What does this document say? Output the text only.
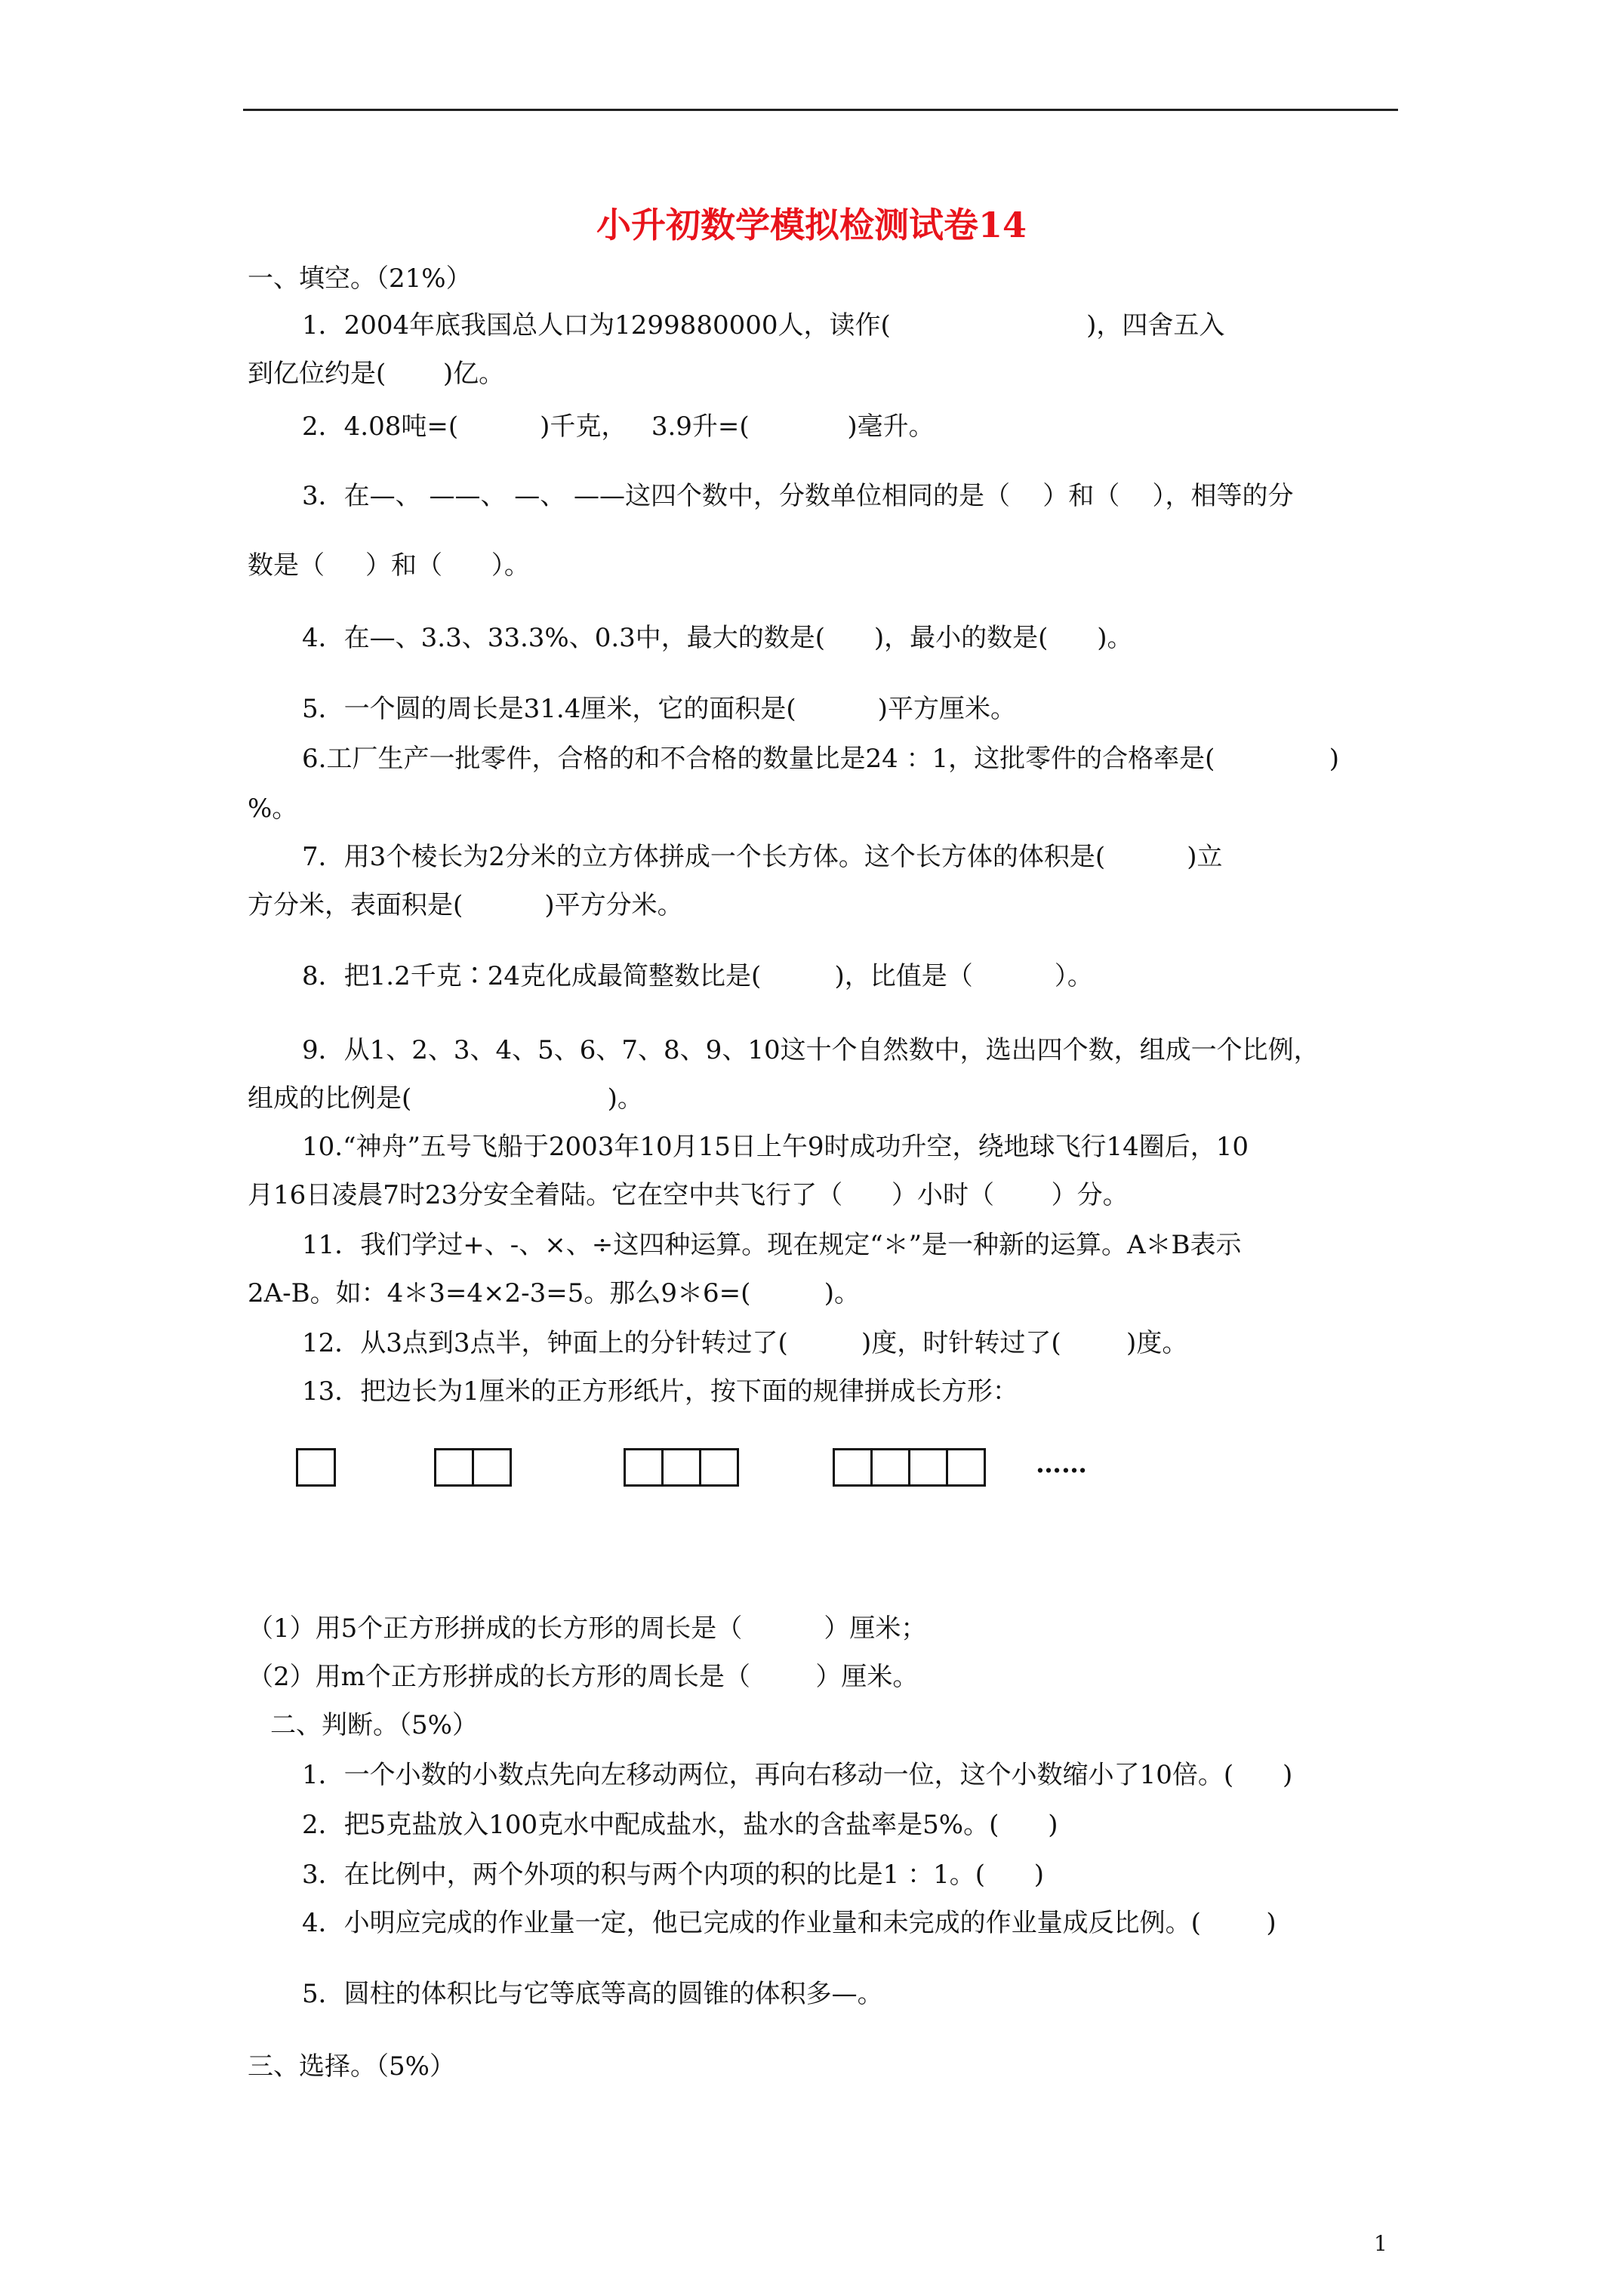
小升初数学模拟检测试卷14
一、填空。（21%）
1．2004年底我国总人口为1299880000人，读作(                        )，四舍五入
到亿位约是(       )亿。
2．4.08吨=(          )千克，   3.9升=(            )毫升。
3．在—、 ——、 —、 ——这四个数中，分数单位相同的是（    ）和（    ），相等的分
数是（     ）和（      ）。
4．在—、3.3、33.3%、0.3中，最大的数是(      )，最小的数是(      )。
5．一个圆的周长是31.4厘米，它的面积是(          )平方厘米。
6.工厂生产一批零件，合格的和不合格的数量比是24 ：1，这批零件的合格率是(              )
%。
7．用3个棱长为2分米的立方体拼成一个长方体。这个长方体的体积是(          )立
方分米，表面积是(          )平方分米。
8．把1.2千克∶24克化成最简整数比是(         )，比值是（          ）。
9．从1、2、3、4、5、6、7、8、9、10这十个自然数中，选出四个数，组成一个比例，
组成的比例是(                        )。
10.“神舟”五号飞船于2003年10月15日上午9时成功升空，绕地球飞行14圈后，10
月16日凌晨7时23分安全着陆。它在空中共飞行了（      ）小时（       ）分。
11．我们学过+、-、×、÷这四种运算。现在规定“＊”是一种新的运算。A＊B表示
2A-B。如：4＊3=4×2-3=5。那么9＊6=(         )。
12．从3点到3点半，钟面上的分针转过了(         )度，时针转过了(        )度。
13．把边长为1厘米的正方形纸片，按下面的规律拼成长方形：
……
（1）用5个正方形拼成的长方形的周长是（          ）厘米；
（2）用m个正方形拼成的长方形的周长是（        ）厘米。
二、判断。（5%）
1．一个小数的小数点先向左移动两位，再向右移动一位，这个小数缩小了10倍。(      )
2．把5克盐放入100克水中配成盐水，盐水的含盐率是5%。(      )
3．在比例中，两个外项的积与两个内项的积的比是1 ：1。(      )
4．小明应完成的作业量一定，他已完成的作业量和未完成的作业量成反比例。(        )
5．圆柱的体积比与它等底等高的圆锥的体积多—。
三、选择。（5%）
1
